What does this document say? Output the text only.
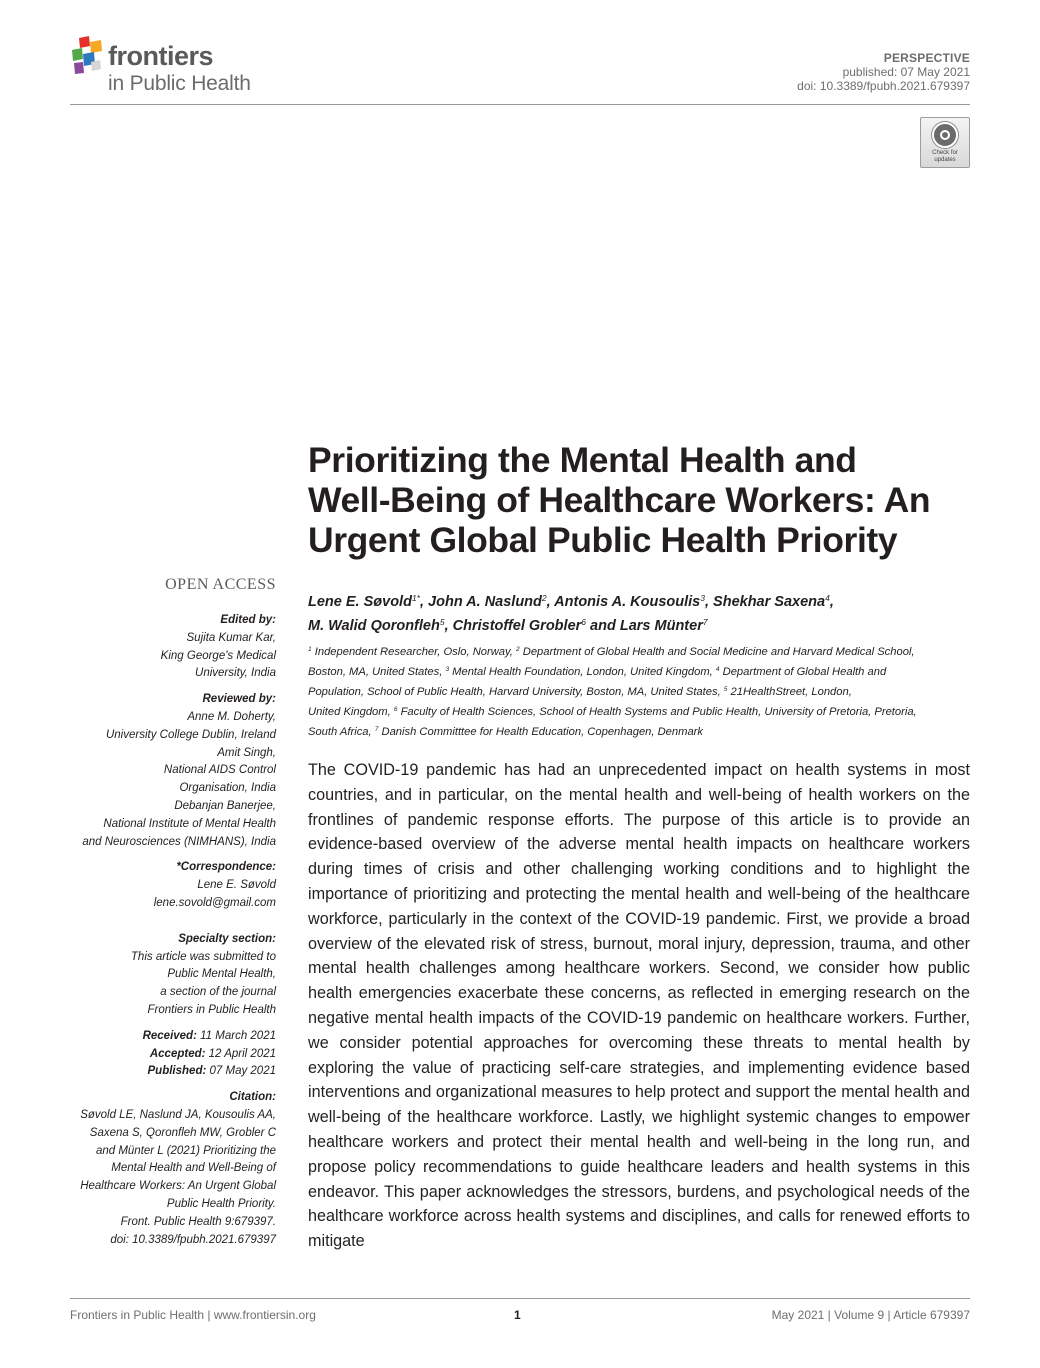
frontiers
in Public Health
PERSPECTIVE
published: 07 May 2021
doi: 10.3389/fpubh.2021.679397
Check for updates
Prioritizing the Mental Health and
Well-Being of Healthcare Workers: An
Urgent Global Public Health Priority
Lene E. Søvold$^{1*}$, John A. Naslund$^2$, Antonis A. Kousoulis$^3$, Shekhar Saxena$^4$,
M. Walid Qoronfleh$^5$, Christoffel Grobler$^6$ and Lars Münter$^7$
$^1$ Independent Researcher, Oslo, Norway, $^2$ Department of Global Health and Social Medicine and Harvard Medical School,
Boston, MA, United States, $^3$ Mental Health Foundation, London, United Kingdom, $^4$ Department of Global Health and
Population, School of Public Health, Harvard University, Boston, MA, United States, $^5$ 21HealthStreet, London,
United Kingdom, $^6$ Faculty of Health Sciences, School of Health Systems and Public Health, University of Pretoria, Pretoria,
South Africa, $^7$ Danish Committtee for Health Education, Copenhagen, Denmark
The COVID-19 pandemic has had an unprecedented impact on health systems in most countries, and in particular, on the mental health and well-being of health workers on the frontlines of pandemic response efforts. The purpose of this article is to provide an evidence-based overview of the adverse mental health impacts on healthcare workers during times of crisis and other challenging working conditions and to highlight the importance of prioritizing and protecting the mental health and well-being of the healthcare workforce, particularly in the context of the COVID-19 pandemic. First, we provide a broad overview of the elevated risk of stress, burnout, moral injury, depression, trauma, and other mental health challenges among healthcare workers. Second, we consider how public health emergencies exacerbate these concerns, as reflected in emerging research on the negative mental health impacts of the COVID-19 pandemic on healthcare workers. Further, we consider potential approaches for overcoming these threats to mental health by exploring the value of practicing self-care strategies, and implementing evidence based interventions and organizational measures to help protect and support the mental health and well-being of the healthcare workforce. Lastly, we highlight systemic changes to empower healthcare workers and protect their mental health and well-being in the long run, and propose policy recommendations to guide healthcare leaders and health systems in this endeavor. This paper acknowledges the stressors, burdens, and psychological needs of the healthcare workforce across health systems and disciplines, and calls for renewed efforts to mitigate
OPEN ACCESS
Edited by:
Sujita Kumar Kar,
King George's Medical
University, India
Reviewed by:
Anne M. Doherty,
University College Dublin, Ireland
Amit Singh,
National AIDS Control
Organisation, India
Debanjan Banerjee,
National Institute of Mental Health
and Neurosciences (NIMHANS), India
*Correspondence:
Lene E. Søvold
lene.sovold@gmail.com
Specialty section:
This article was submitted to
Public Mental Health,
a section of the journal
Frontiers in Public Health
Received: 11 March 2021
Accepted: 12 April 2021
Published: 07 May 2021
Citation:
Søvold LE, Naslund JA, Kousoulis AA,
Saxena S, Qoronfleh MW, Grobler C
and Münter L (2021) Prioritizing the
Mental Health and Well-Being of
Healthcare Workers: An Urgent Global
Public Health Priority.
Front. Public Health 9:679397.
doi: 10.3389/fpubh.2021.679397
Frontiers in Public Health | www.frontiersin.org	1	May 2021 | Volume 9 | Article 679397
